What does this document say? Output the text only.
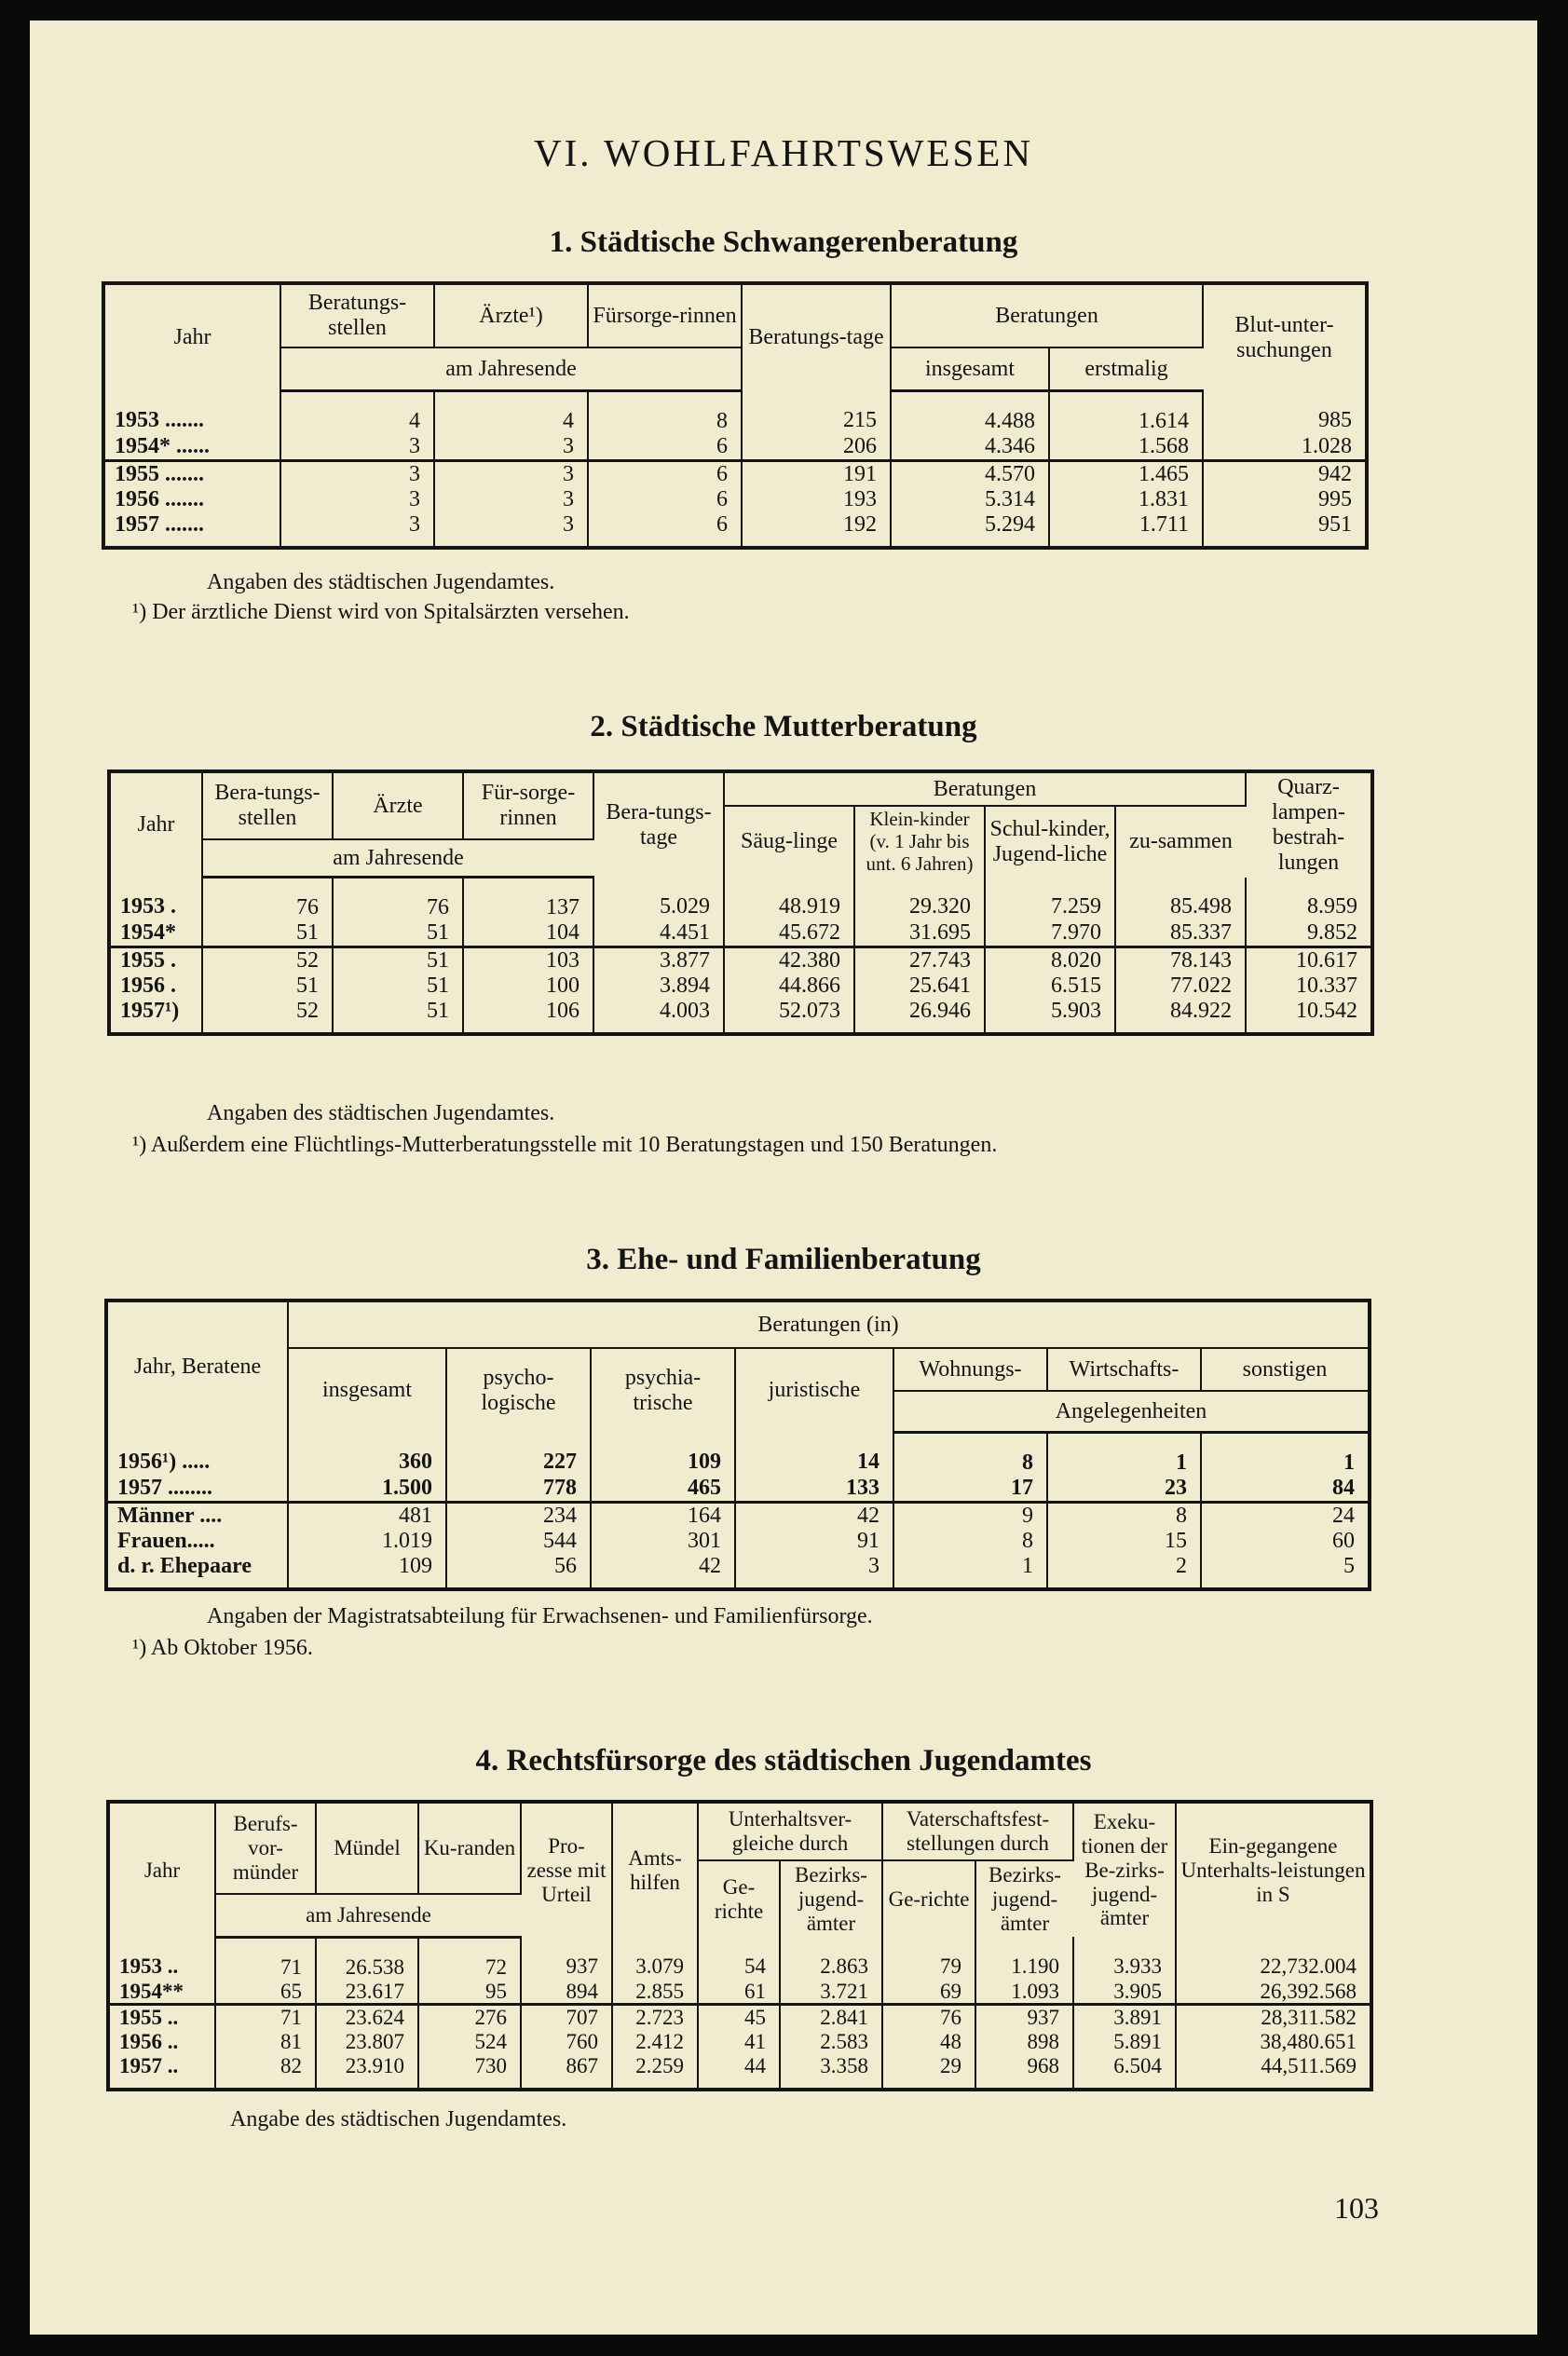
VI. WOHLFAHRTSWESEN
1. Städtische Schwangerenberatung
Jahr	Beratungs-stellen	Ärzte¹)	Fürsorge-rinnen	Beratungs-tage	Beratungen		Blut-unter-suchungen
	am Jahresende				insgesamt	erstmalig	
1953 .......	4	4	8	215	4.488	1.614	985
1954* ......	3	3	6	206	4.346	1.568	1.028
1955 .......	3	3	6	191	4.570	1.465	942
1956 .......	3	3	6	193	5.314	1.831	995
1957 .......	3	3	6	192	5.294	1.711	951
Angaben des städtischen Jugendamtes.
¹) Der ärztliche Dienst wird von Spitalsärzten versehen.
2. Städtische Mutterberatung
Jahr	Bera-tungs-stellen	Ärzte	Für-sorge-rinnen	Bera-tungs-tage	Beratungen				Quarz-lampen-bestrah-lungen
					Säug-linge	Klein-kinder (v. 1 Jahr bis unt. 6 Jahren)	Schul-kinder, Jugend-liche	zu-sammen	
	am Jahresende								
1953 .	76	76	137	5.029	48.919	29.320	7.259	85.498	8.959
1954*	51	51	104	4.451	45.672	31.695	7.970	85.337	9.852
1955 .	52	51	103	3.877	42.380	27.743	8.020	78.143	10.617
1956 .	51	51	100	3.894	44.866	25.641	6.515	77.022	10.337
1957¹)	52	51	106	4.003	52.073	26.946	5.903	84.922	10.542
Angaben des städtischen Jugendamtes.
¹) Außerdem eine Flüchtlings-Mutterberatungsstelle mit 10 Beratungstagen und 150 Beratungen.
3. Ehe- und Familienberatung
Jahr, Beratene	Beratungen (in)						
	insgesamt	psycho-logische	psychia-trische	juristische	Wohnungs-	Wirtschafts-	sonstigen
					Angelegenheiten		
1956¹) .....	360	227	109	14	8	1	1
1957 ........	1.500	778	465	133	17	23	84
Männer ....	481	234	164	42	9	8	24
Frauen.....	1.019	544	301	91	8	15	60
d. r. Ehepaare	109	56	42	3	1	2	5
Angaben der Magistratsabteilung für Erwachsenen- und Familienfürsorge.
¹) Ab Oktober 1956.
4. Rechtsfürsorge des städtischen Jugendamtes
Jahr	Berufs-vor-münder	Mündel	Ku-randen	Pro-zesse mit Urteil	Amts-hilfen	Unterhaltsver-gleiche durch		Vaterschaftsfest-stellungen durch		Exeku-tionen der Be-zirks-jugend-ämter	Ein-gegangene Unterhalts-leistungen in S
						Ge-richte	Bezirks-jugend-ämter	Ge-richte	Bezirks-jugend-ämter		
	am Jahresende										
1953 ..	71	26.538	72	937	3.079	54	2.863	79	1.190	3.933	22,732.004
1954**	65	23.617	95	894	2.855	61	3.721	69	1.093	3.905	26,392.568
1955 ..	71	23.624	276	707	2.723	45	2.841	76	937	3.891	28,311.582
1956 ..	81	23.807	524	760	2.412	41	2.583	48	898	5.891	38,480.651
1957 ..	82	23.910	730	867	2.259	44	3.358	29	968	6.504	44,511.569
Angabe des städtischen Jugendamtes.
103
